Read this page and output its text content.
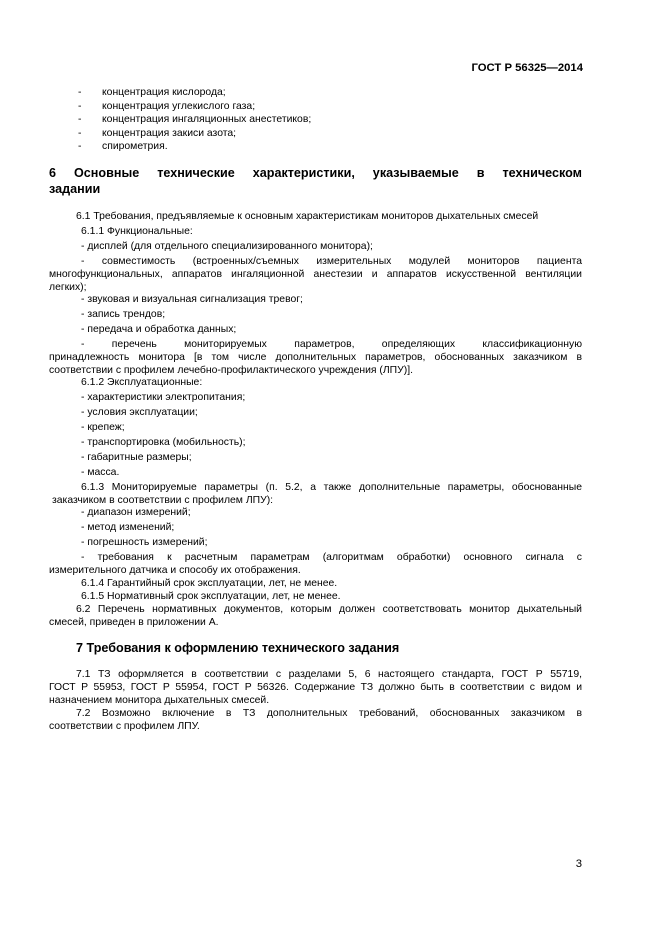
ГОСТ Р 56325—2014
- концентрация кислорода;
- концентрация углекислого газа;
- концентрация ингаляционных анестетиков;
- концентрация закиси азота;
- спирометрия.
6 Основные технические характеристики, указываемые в техническом
задании
6.1 Требования, предъявляемые к основным характеристикам мониторов дыхательных смесей
6.1.1 Функциональные:
- дисплей (для отдельного специализированного монитора);
- совместимость (встроенных/съемных измерительных модулей мониторов пациента
многофункциональных, аппаратов ингаляционной анестезии и аппаратов искусственной вентиляции
легких);
- звуковая и визуальная сигнализация тревог;
- запись трендов;
- передача и обработка данных;
- перечень мониторируемых параметров, определяющих классификационную
принадлежность монитора [в том числе дополнительных параметров, обоснованных заказчиком в
соответствии с профилем лечебно-профилактического учреждения (ЛПУ)].
6.1.2 Эксплуатационные:
- характеристики электропитания;
- условия эксплуатации;
- крепеж;
- транспортировка (мобильность);
- габаритные размеры;
- масса.
6.1.3 Мониторируемые параметры (п. 5.2, а также дополнительные параметры, обоснованные
заказчиком в соответствии с профилем ЛПУ):
- диапазон измерений;
- метод изменений;
- погрешность измерений;
- требования к расчетным параметрам (алгоритмам обработки) основного сигнала с
измерительного датчика и способу их отображения.
6.1.4 Гарантийный срок эксплуатации, лет, не менее.
6.1.5 Нормативный срок эксплуатации, лет, не менее.
6.2 Перечень нормативных документов, которым должен соответствовать монитор дыхательный
смесей, приведен в приложении А.
7 Требования к оформлению технического задания
7.1 ТЗ оформляется в соответствии с разделами 5, 6 настоящего стандарта, ГОСТ Р 55719,
ГОСТ Р 55953, ГОСТ Р 55954, ГОСТ Р 56326. Содержание ТЗ должно быть в соответствии с видом и
назначением монитора дыхательных смесей.
7.2 Возможно включение в ТЗ дополнительных требований, обоснованных заказчиком в
соответствии с профилем ЛПУ.
3
